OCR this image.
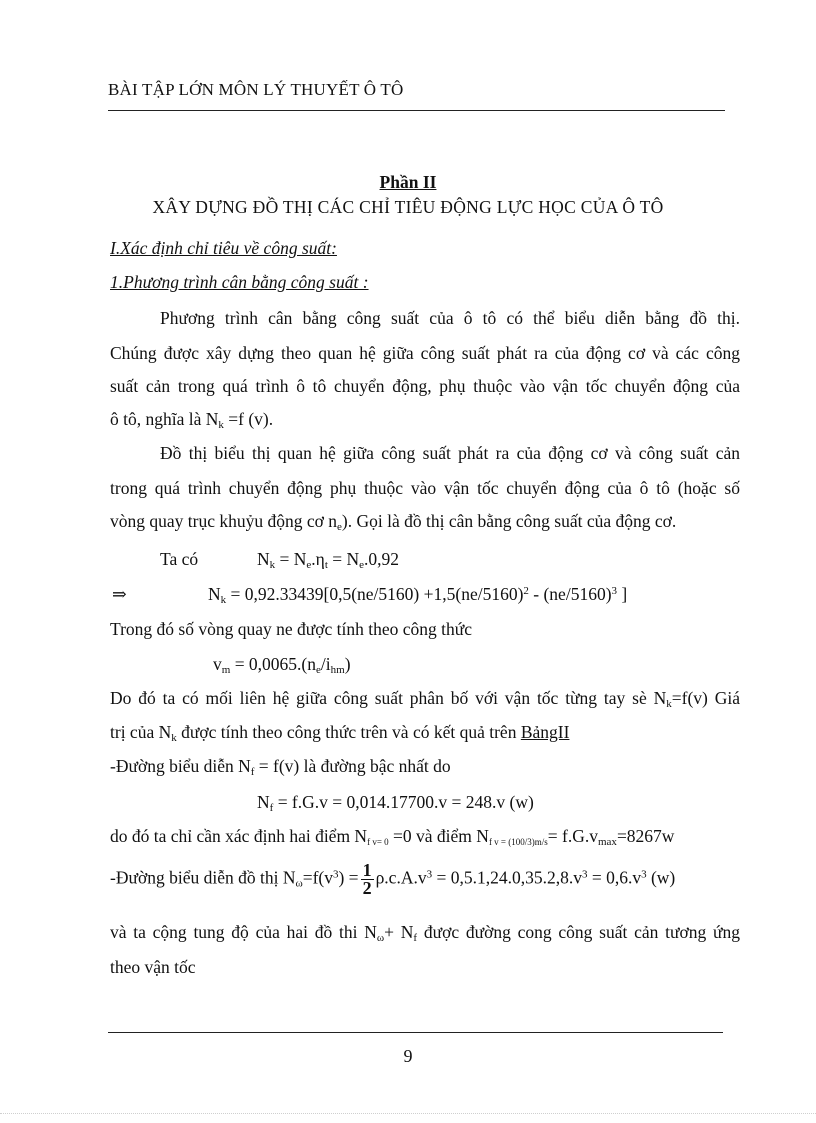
BÀI TẬP LỚN MÔN LÝ THUYẾT Ô TÔ
Phần II
XÂY DỰNG ĐỒ THỊ CÁC CHỈ TIÊU ĐỘNG LỰC HỌC CỦA Ô TÔ
I.Xác định chỉ tiêu về công suất:
1.Phương trình cân bằng công suất :
Phương trình cân bằng công suất của ô tô có thể biểu diễn bằng đồ thị.
Chúng được xây dựng theo quan hệ giữa công suất phát ra của động cơ và các công
suất cản trong quá trình ô tô chuyển động, phụ thuộc vào vận tốc chuyển động của
ô tô, nghĩa là $N_k =f$ (v).
Đồ thị biểu thị quan hệ giữa công suất phát ra của động cơ và công suất cản
trong quá trình chuyển động phụ thuộc vào vận tốc chuyển động của ô tô (hoặc số
vòng quay trục khuỷu động cơ $n_e$). Gọi là đồ thị cân bằng công suất của động cơ.
Ta có	$N_k = N_e.\eta_t = N_e.0,92$
⇒	$N_k = 0,92.33439[0,5(ne/5160) +1,5(ne/5160)^2 - (ne/5160)^3$ ]
Trong đó số vòng quay ne được tính theo công thức
$v_m = 0,0065.(n_e/i_{hm})$
Do đó ta có mối liên hệ giữa công suất phân bố với vận tốc từng tay sè $N_k=f(v)$ Giá
trị của $N_k$ được tính theo công thức trên và có kết quả trên BảngII
-Đường biểu diễn $N_f = f(v)$ là đường bậc nhất do
$N_f = f.G.v = 0,014.17700.v = 248.v$ (w)
do đó ta chỉ cần xác định hai điểm Nf v= 0 =0 và điểm Nf $v = (100/3)m/s= f.G.v_{max}=8267w$
-Đường biểu diễn đồ thị $N_\omega=f(v^3) = \frac{1}{2} \rho.c.A.v^3 = 0,5.1,24.0,35.2,8.v^3 = 0,6.v^3$ (w)
và ta cộng tung độ của hai đồ thi $N_\omega+ N_f$ được đường cong công suất cản tương ứng
theo vận tốc
9
